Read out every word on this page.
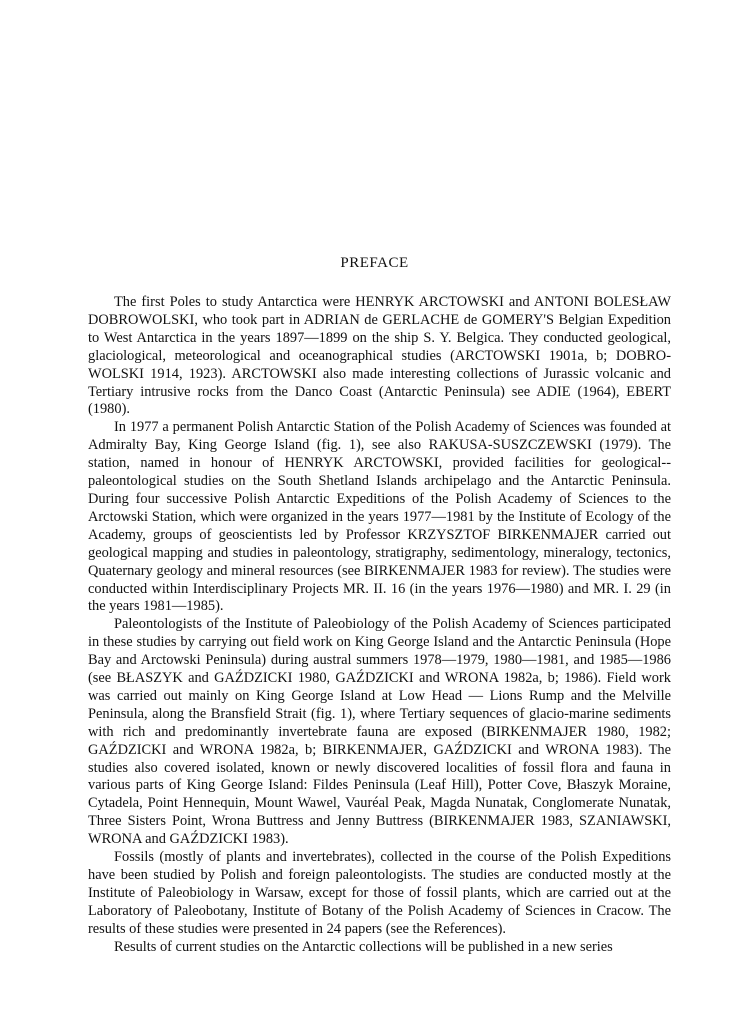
PREFACE

The first Poles to study Antarctica were HENRYK ARCTOWSKI and ANTONI BOLESŁAW DOBROWOLSKI, who took part in ADRIAN de GERLACHE de GOMERY'S Belgian Expedition to West Antarctica in the years 1897—1899 on the ship S. Y. Belgica. They conducted geological, glaciological, meteorological and oceanographical studies (ARCTOWSKI 1901a, b; DOBRO-WOLSKI 1914, 1923). ARCTOWSKI also made interesting collections of Jurassic volcanic and Tertiary intrusive rocks from the Danco Coast (Antarctic Peninsula) see ADIE (1964), EBERT (1980).

In 1977 a permanent Polish Antarctic Station of the Polish Academy of Sciences was founded at Admiralty Bay, King George Island (fig. 1), see also RAKUSA-SUSZCZEWSKI (1979). The station, named in honour of HENRYK ARCTOWSKI, provided facilities for geological--paleontological studies on the South Shetland Islands archipelago and the Antarctic Peninsula. During four successive Polish Antarctic Expeditions of the Polish Academy of Sciences to the Arctowski Station, which were organized in the years 1977—1981 by the Institute of Ecology of the Academy, groups of geoscientists led by Professor KRZYSZTOF BIRKENMAJER carried out geological mapping and studies in paleontology, stratigraphy, sedimentology, mineralogy, tectonics, Quaternary geology and mineral resources (see BIRKENMAJER 1983 for review). The studies were conducted within Interdisciplinary Projects MR. II. 16 (in the years 1976—1980) and MR. I. 29 (in the years 1981—1985).

Paleontologists of the Institute of Paleobiology of the Polish Academy of Sciences participated in these studies by carrying out field work on King George Island and the Antarctic Peninsula (Hope Bay and Arctowski Peninsula) during austral summers 1978—1979, 1980—1981, and 1985—1986 (see BŁASZYK and GAŹDZICKI 1980, GAŹDZICKI and WRONA 1982a, b; 1986). Field work was carried out mainly on King George Island at Low Head — Lions Rump and the Melville Peninsula, along the Bransfield Strait (fig. 1), where Tertiary sequences of glacio-marine sediments with rich and predominantly invertebrate fauna are exposed (BIRKENMAJER 1980, 1982; GAŹDZICKI and WRONA 1982a, b; BIRKENMAJER, GAŹDZICKI and WRONA 1983). The studies also covered isolated, known or newly discovered localities of fossil flora and fauna in various parts of King George Island: Fildes Peninsula (Leaf Hill), Potter Cove, Błaszyk Moraine, Cytadela, Point Hennequin, Mount Wawel, Vauréal Peak, Magda Nunatak, Conglomerate Nunatak, Three Sisters Point, Wrona Buttress and Jenny Buttress (BIRKENMAJER 1983, SZANIAWSKI, WRONA and GAŹDZICKI 1983).

Fossils (mostly of plants and invertebrates), collected in the course of the Polish Expeditions have been studied by Polish and foreign paleontologists. The studies are conducted mostly at the Institute of Paleobiology in Warsaw, except for those of fossil plants, which are carried out at the Laboratory of Paleobotany, Institute of Botany of the Polish Academy of Sciences in Cracow. The results of these studies were presented in 24 papers (see the References).

Results of current studies on the Antarctic collections will be published in a new series
